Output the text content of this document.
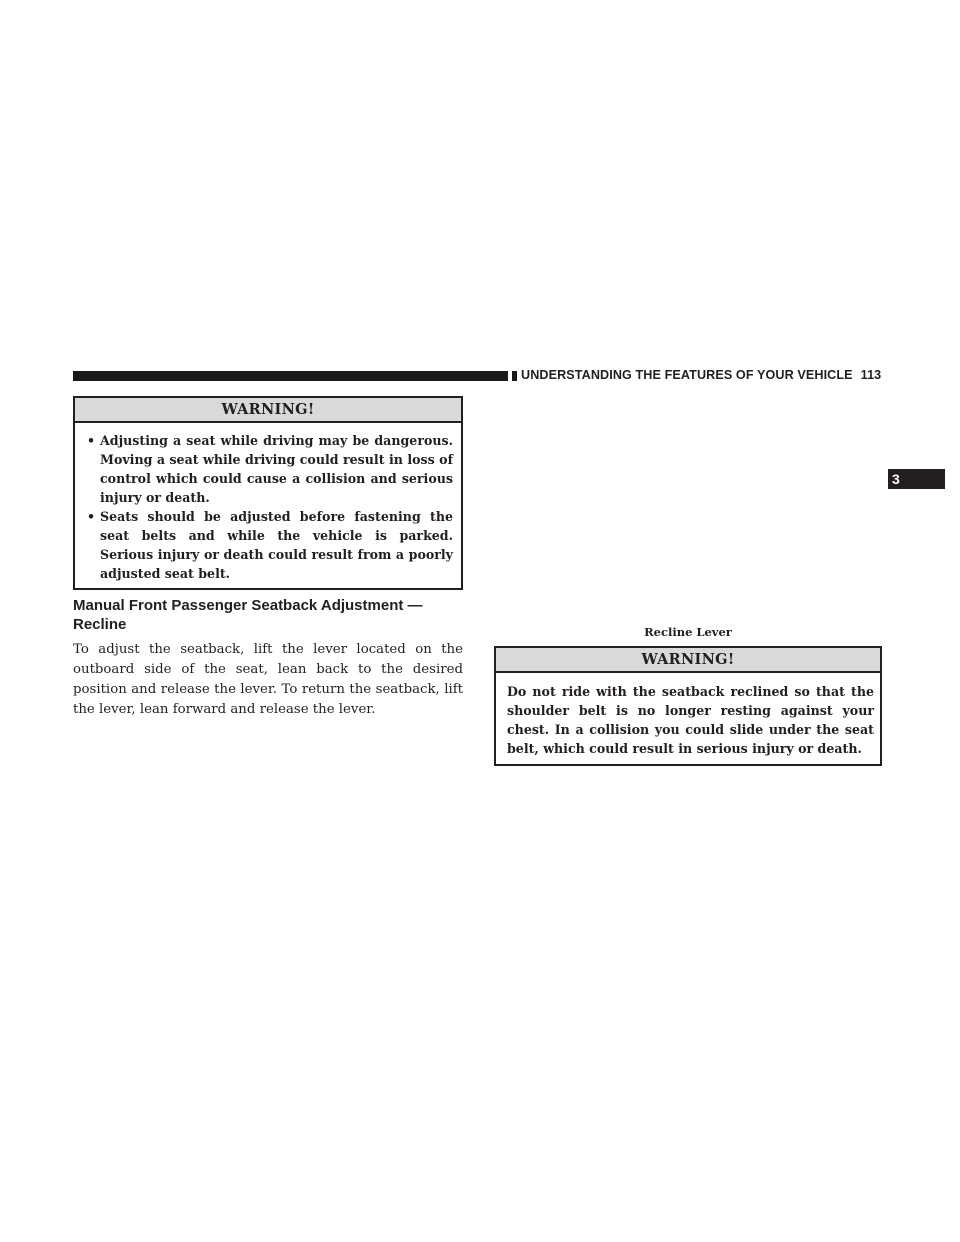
UNDERSTANDING THE FEATURES OF YOUR VEHICLE 113
3
WARNING!
• Adjusting a seat while driving may be dangerous. Moving a seat while driving could result in loss of control which could cause a collision and serious injury or death.
• Seats should be adjusted before fastening the seat belts and while the vehicle is parked. Serious injury or death could result from a poorly adjusted seat belt.
Manual Front Passenger Seatback Adjustment — Recline

To adjust the seatback, lift the lever located on the outboard side of the seat, lean back to the desired position and release the lever. To return the seatback, lift the lever, lean forward and release the lever.

Recline Lever
WARNING!
Do not ride with the seatback reclined so that the shoulder belt is no longer resting against your chest. In a collision you could slide under the seat belt, which could result in serious injury or death.
